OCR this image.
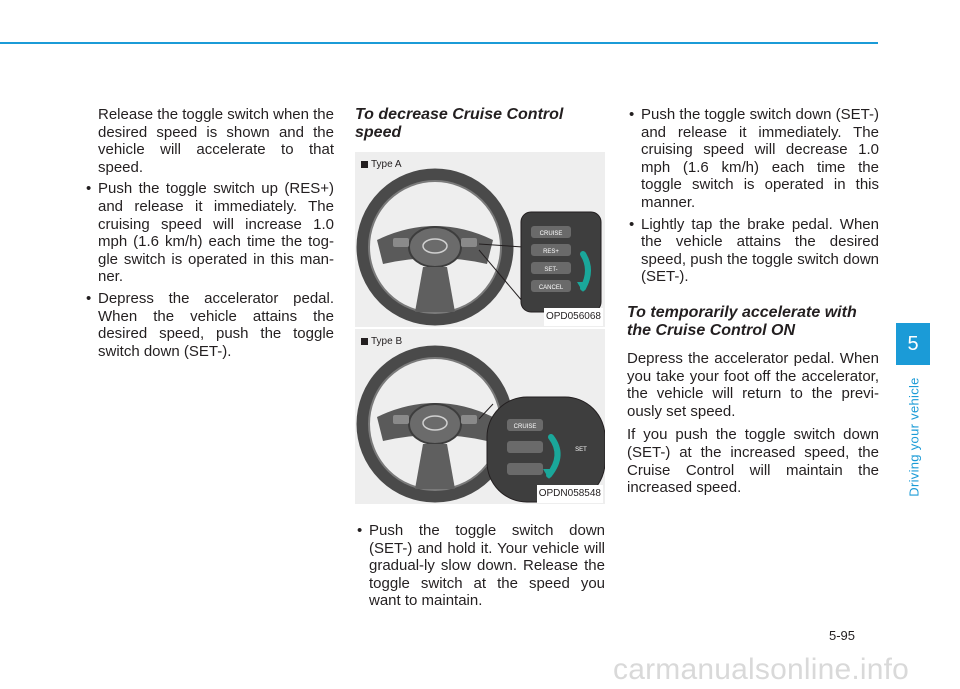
Release the toggle switch when the desired speed is shown and the vehicle will accelerate to that speed.

• Push the toggle switch up (RES+) and release it immediately. The cruising speed will increase 1.0 mph (1.6 km/h) each time the tog-gle switch is operated in this man-ner.
• Depress the accelerator pedal. When the vehicle attains the desired speed, push the toggle switch down (SET-).
To decrease Cruise Control speed
Type A
CRUISE
RES+
SET-
CANCEL
OPD056068
Type B
CRUISE
SET
OPDN058548
• Push the toggle switch down (SET-) and hold it. Your vehicle will gradual-ly slow down. Release the toggle switch at the speed you want to maintain.
• Push the toggle switch down (SET-) and release it immediately. The cruising speed will decrease 1.0 mph (1.6 km/h) each time the toggle switch is operated in this manner.
• Lightly tap the brake pedal. When the vehicle attains the desired speed, push the toggle switch down (SET-).
To temporarily accelerate with the Cruise Control ON

Depress the accelerator pedal. When you take your foot off the accelerator, the vehicle will return to the previ-ously set speed.

If you push the toggle switch down (SET-) at the increased speed, the Cruise Control will maintain the increased speed.

5
Driving your vehicle
5-95
carmanualsonline.info
